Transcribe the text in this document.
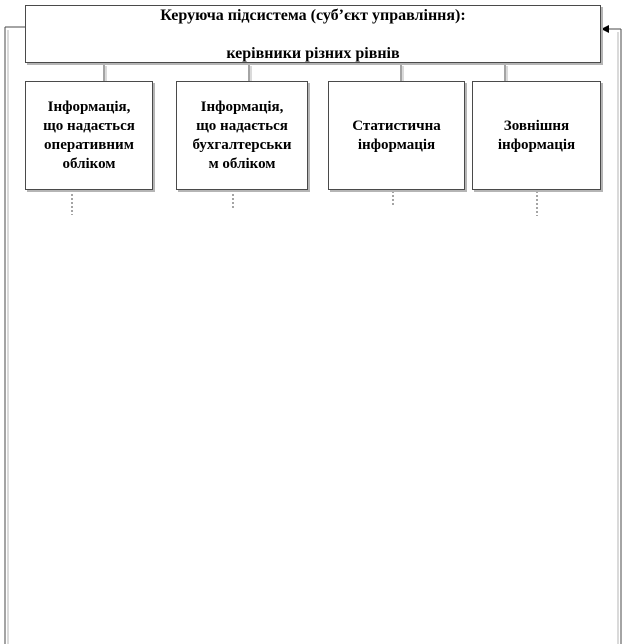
Керуюча підсистема (суб’єкт управління):

керівники різних рівнів

Інформація,
що надається
оперативним
обліком
Інформація,
що надається
бухгалтерськи
м обліком
Статистична
інформація
Зовнішня
інформація
